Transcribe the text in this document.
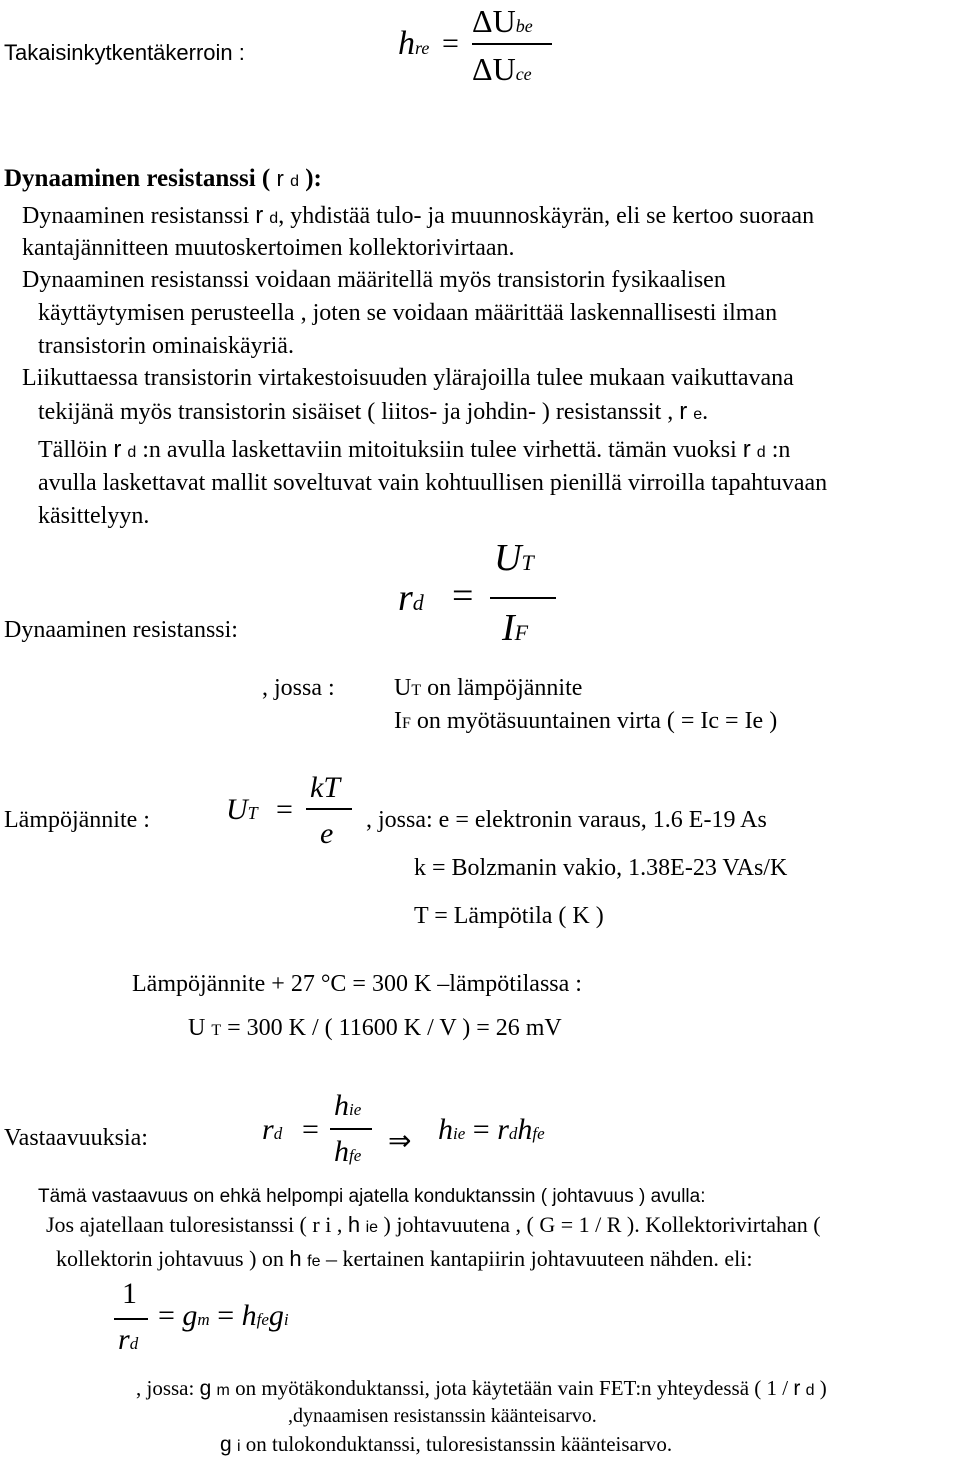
Takaisinkytkentäkerroin :	hre =
ΔUbe
ΔUce
Dynaaminen resistanssi ( r d ):
Dynaaminen resistanssi r d, yhdistää tulo- ja muunnoskäyrän, eli se kertoo suoraan
kantajännitteen muutoskertoimen kollektorivirtaan.
Dynaaminen resistanssi voidaan määritellä myös transistorin fysikaalisen
käyttäytymisen perusteella , joten se voidaan määrittää laskennallisesti ilman
transistorin ominaiskäyriä.
Liikuttaessa transistorin virtakestoisuuden ylärajoilla tulee mukaan vaikuttavana
tekijänä myös transistorin sisäiset ( liitos- ja johdin- ) resistanssit , r e.
Tällöin r d :n avulla laskettaviin mitoituksiin tulee virhettä. tämän vuoksi r d :n
avulla laskettavat mallit soveltuvat vain kohtuullisen pienillä virroilla tapahtuvaan
käsittelyyn.
Dynaaminen resistanssi:
rd =
UT
IF
, jossa : UT on lämpöjännite
IF on myötäsuuntainen virta ( = Ic = Ie )
Lämpöjännite :	UT =
kT
e , jossa: e = elektronin varaus, 1.6 E-19 As
k = Bolzmanin vakio, 1.38E-23 VAs/K
T = Lämpötila ( K )
Lämpöjännite + 27 °C = 300 K –lämpötilassa :
U T = 300 K / ( 11600 K / V ) = 26 mV
Vastaavuuksia:	rd =
hie
hfe ⇒ hie = rdhfe
Tämä vastaavuus on ehkä helpompi ajatella konduktanssin ( johtavuus ) avulla:
Jos ajatellaan tuloresistanssi ( r i , h ie ) johtavuutena , ( G = 1 / R ). Kollektorivirtahan (
kollektorin johtavuus ) on h fe – kertainen kantapiirin johtavuuteen nähden. eli:
1
rd
= gm = hfegi
, jossa: g m on myötäkonduktanssi, jota käytetään vain FET:n yhteydessä ( 1 / r d )
,dynaamisen resistanssin käänteisarvo.
g i on tulokonduktanssi, tuloresistanssin käänteisarvo.
